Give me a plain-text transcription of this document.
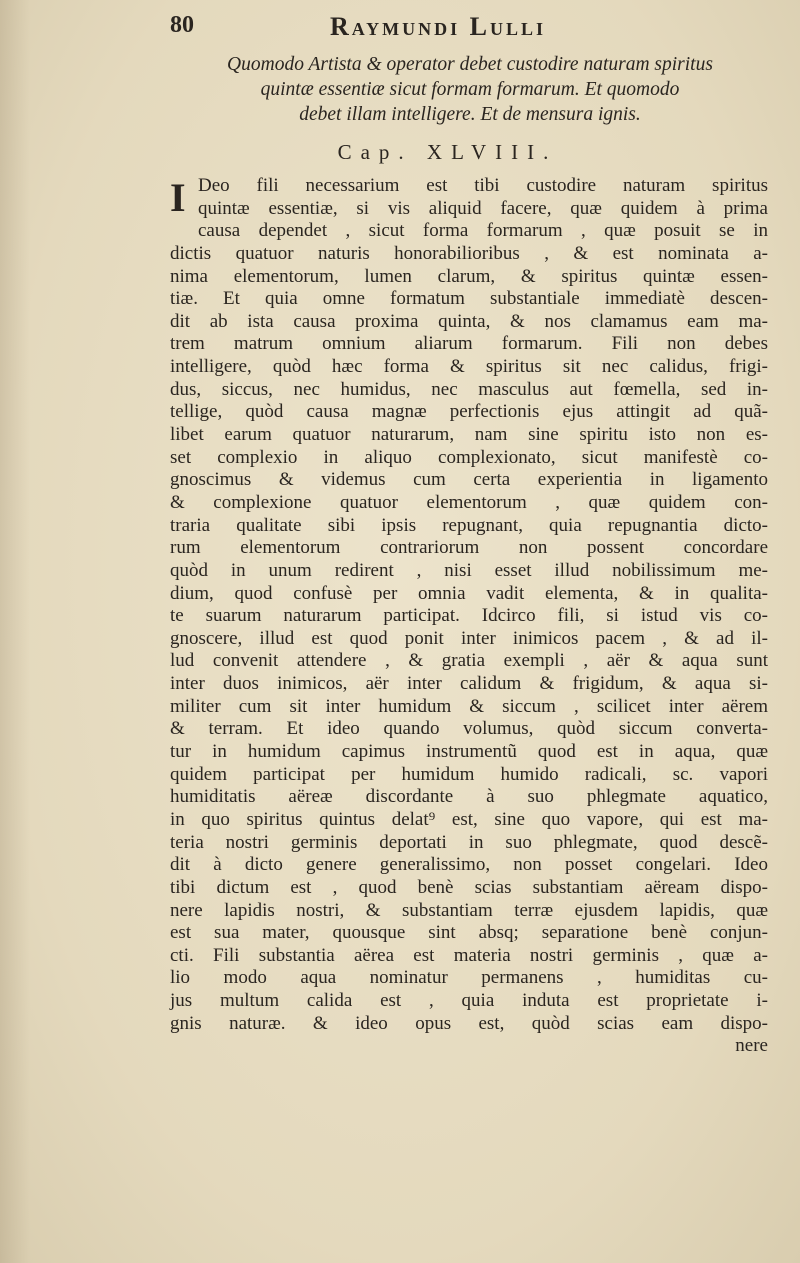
80	Raymundi Lulli
Quomodo Artista & operator debet custodire naturam spiritus
quintæ essentiæ sicut formam formarum. Et quomodo
debet illam intelligere. Et de mensura ignis.
Cap. XLVIII.
I Deo fili necessarium est tibi custodire naturam spiritus
quintæ essentiæ, si vis aliquid facere, quæ quidem à prima
causa dependet , sicut forma formarum , quæ posuit se in
dictis quatuor naturis honorabilioribus , & est nominata a-
nima elementorum, lumen clarum, & spiritus quintæ essen-
tiæ. Et quia omne formatum substantiale immediatè descen-
dit ab ista causa proxima quinta, & nos clamamus eam ma-
trem matrum omnium aliarum formarum. Fili non debes
intelligere, quòd hæc forma & spiritus sit nec calidus, frigi-
dus, siccus, nec humidus, nec masculus aut fœmella, sed in-
tellige, quòd causa magnæ perfectionis ejus attingit ad quã-
libet earum quatuor naturarum, nam sine spiritu isto non es-
set complexio in aliquo complexionato, sicut manifestè co-
gnoscimus & videmus cum certa experientia in ligamento
& complexione quatuor elementorum , quæ quidem con-
traria qualitate sibi ipsis repugnant, quia repugnantia dicto-
rum elementorum contrariorum non possent concordare
quòd in unum redirent , nisi esset illud nobilissimum me-
dium, quod confusè per omnia vadit elementa, & in qualita-
te suarum naturarum participat. Idcirco fili, si istud vis co-
gnoscere, illud est quod ponit inter inimicos pacem , & ad il-
lud convenit attendere , & gratia exempli , aër & aqua sunt
inter duos inimicos, aër inter calidum & frigidum, & aqua si-
militer cum sit inter humidum & siccum , scilicet inter aërem
& terram. Et ideo quando volumus, quòd siccum converta-
tur in humidum capimus instrumentũ quod est in aqua, quæ
quidem participat per humidum humido radicali, sc. vapori
humiditatis aëreæ discordante à suo phlegmate aquatico,
in quo spiritus quintus delat⁹ est, sine quo vapore, qui est ma-
teria nostri germinis deportati in suo phlegmate, quod descẽ-
dit à dicto genere generalissimo, non posset congelari. Ideo
tibi dictum est , quod benè scias substantiam aëream dispo-
nere lapidis nostri, & substantiam terræ ejusdem lapidis, quæ
est sua mater, quousque sint absq; separatione benè conjun-
cti. Fili substantia aërea est materia nostri germinis , quæ a-
lio modo aqua nominatur permanens , humiditas cu-
jus multum calida est , quia induta est proprietate i-
gnis naturæ. & ideo opus est, quòd scias eam dispo-
nere
